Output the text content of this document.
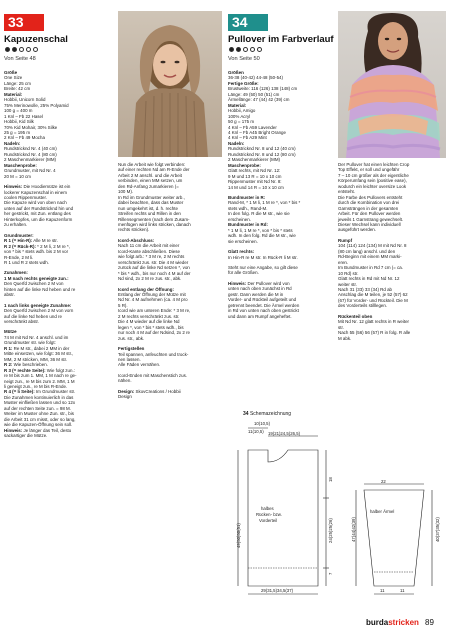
33
Kapuzenschal
Von Seite 48

Größe

One Size

Länge: 25 cm

Breite: 42 cm

Material:

Hobbii, Unicorn Solid

75% Merinowolle, 25% Polyamid

100 g = 400 m

1 Knl – Fb 22 Hasel

Hobbii, Kid Silk

70% Kid Mohair, 30% Silke

25 g = 195 m

2 Knl – Fb 49 Mocha

Nadeln:

Rundstricknd Nr. 4 (40 cm)

Rundstricknd Nr. 4 (80 cm)

2 Maschenmarkierer (MM)

Maschenprobe:

Grundmuster, mit Nd Nr. 4

20 M = 10 cm

Hinweis: Die Hoodiemütze ist ein

lockerer Kapuzenschal in einem

coolen Rippenmuster.

Die Kapuze wird von oben nach

unten auf der Rundstricknd hin und

her gestrickt, mit Zun. entlang des

Hinterkopfes, um die Kapuzenform

zu erhalten.

Grundmuster:

R 1 (= Hin-R): Alle M re str.

R 2 (= Rück-R): * 2 M li, 2 M re *,

von * bis * stets wdh. bis 2 M vor

R-Ende, 2 M li.

R 1 und R 2 stets wdh.

Zunahmen:

1 M nach rechts geneigte zun.:

Den Querfd zwischen 2 M von

hinten auf die linke Nd heben und re

abstr.

1 nach links geneigte Zunahme:

Den Querfd zwischen 2 M von vorn

auf die linke Nd heben und re

verschränkt abstr.

Mütze

74 M mit Nd Nr. 4 anschl. und im

Grundmuster str. wie folgt:

R 1: Re M str., dabei 2 MM in der

Mitte einsetzen, wie folgt: 36 M str.,

MM, 2 M stricken, MM, 36 M str.

R 2: Wie beschrieben.

R 3 (= rechte Seite): Wie folgt zun.:

re M bis zum 1. MM, 1 M nach re ge-

neigt zun., re M bis zum 2. MM, 1 M

li geneigt zun., re M bis R-Ende.

R 4 (= li Seite): Im Grundmuster str.

Die Zunahmen kontinuierlich in das

Muster einfließen lassen und so 12x

auf der rechten Seite zun. = 98 M.

Weiter im Muster ohne Zun. str., bis

die Arbeit 31 cm misst, oder so lang,

wie die Kapuzen-Öffnung sein soll.

Hinweis: Je länger das Teil, desto

sackartiger die Mütze.

Nun die Arbeit wie folgt verbinden:

auf einer rechten Nd am R-Ende der

Arbeit 2 M anschl. und die Arbeit

verbinden, einen MM setzen, um

den Rd-Anfang zumarkieren (=

100 M).

In Rd im Grundmuster weiter arb.,

dabei beachten, dass das Muster

nun umgekehrt ist, d. h. rechte

Streifen rechts und Rillen in den

Rillensegmenten (nach dem Zusam-

menfügen wird links stricken, danach

rechts stricken).

Icord-Abschluss:

Nach 11 cm die Arbeit mit einer

Icord-Kante abschließen. Diese

wie folgt arb.: * 3 M re, 2 M rechts

verschränkt zus. str. Die 4 M wieder

zurück auf die linke Nd setzen *, von

* bis * wdh., bis nur noch 4 M auf der

Nd sind, 2x 2 M re zus. str., abk.

Icord entlang der Öffnung:

Entlang der Öffnung der Mütze mit

Nd Nr. 4 M aufnehmen (ca. 4 M pro

5 R).

Icord wie am unteren Ende: * 3 M re,

2 M rechts verschränkt zus. str.

Die 4 M wieder auf die linke Nd

legen *, von * bis * stets wdh., bis

nur noch 4 M auf der Ndsind, 2x 2 re

zus. str., abk.

Fertigstellen

Teil spannen, anfeuchten und trock-

nen lassen.

Alle Fäden vernähen.

Icord-Enden mit Maschenstich zus.

nähen.

Design: SkovCreations / Hobbii

Design

34
Pullover im Farbverlauf
Von Seite 50

Größen

36-38 (40-42) 44-48 (50-54)

Fertige Größe:

Brustweite: 116 (126) 138 (148) cm

Länge: 49 (50) 50 (51) cm

Ärmellänge: 47 (44) 42 (39) cm

Material:

Hobbii, Amigo

100% Acryl

50 g = 175 m

4 Knl – Fb A59 Lavender

4 Knl – Fb A45 Bright Orange

4 Knl – Fb A29 Mint

Nadeln:

Rundstricknd Nr. 8 und 12 (40 cm)

Rundstricknd Nr. 8 und 12 (80 cm)

2 Maschenmarkierer (MM)

Maschenprobe:

Glatt rechts, mit Nd Nr. 12:

9 M und 13 R = 10 x 10 cm

Rippenmuster mit Nd Nr. 8:

14 M und 14 R = 10 x 10 cm

Bundmuster in R:

Rand-M, * 1 M li, 1 M re *, von * bis *

stets wdh., Rand-M.

In den folg. R die M str., wie sie

erscheinen.

Bundmuster in Rd:

* 1 M li, 1 M re *, von * bis * stets

wdh. In den folg. Rd die M str., wie

sie erscheinen.

Glatt rechts:

In Hin-R re M str. In Rück-R li M str.

Steht nur eine Angabe, so gilt diese

für alle Größen.

Hinweis: Der Pullover wird von

unten nach oben zunächst in Rd

gestr. Dann werden die M in

Vorder- und Rückteil aufgeteilt und

getrennt beendet. Die Ärmel werden

in Rd von unten nach oben gestrickt

und dann am Rumpf angeheftet.

Der Pullover hat einen leichten Crop

Top Effekt, er soll und ungefähr

7 – 10 cm größer als der eigentliche

Körperumfang sein (positive ease),

wodurch ein leichter oversize Look

entsteht.

Die Farbe des Pullovers entsteht

durch die Kombination von drei

Garnsträngen in der gesamten

Arbeit. Für den Pullover werden

jeweils 1 Garnstrang gewechselt.

Dieser Wechsel kann individuell

ausgeführt werden.

Rumpf

104 (114) 124 (134) M mit Nd Nr. 8

(80 cm lang) anschl. und den

Rd-Beginn mit einem MM marki-

eren.

Im Bundmuster in Rd 7 cm (= ca.

10 Rd) str.

Glatt rechts in Rd mit Nd Nr. 12

weiter str.

Nach 31 (33) 33 (34) Rd ab

Anschlag die M teilen, je 52 (57) 62

(67) für Vorder- und Rückteil. Die M

des Vorderteils stilllegen.

Rückenteil oben

Mit Nd Nr. 12 glatt rechts in R weiter

str.

Nach 55 (56) 56 (57) R in folg. R alle

M abk.

34 Schemazeichnung
10(10,5)
11(10,5) 19(21)24,5(26,5)
halbes
Rücken- bzw.
Vorderteil
49(50)50(51)
18
24(25)25(26)
7
29(31,5)34,5(37)
22
halber Ärmel
47(44)42(39)	40(37)35(32)
11	11
burdastricken 89
